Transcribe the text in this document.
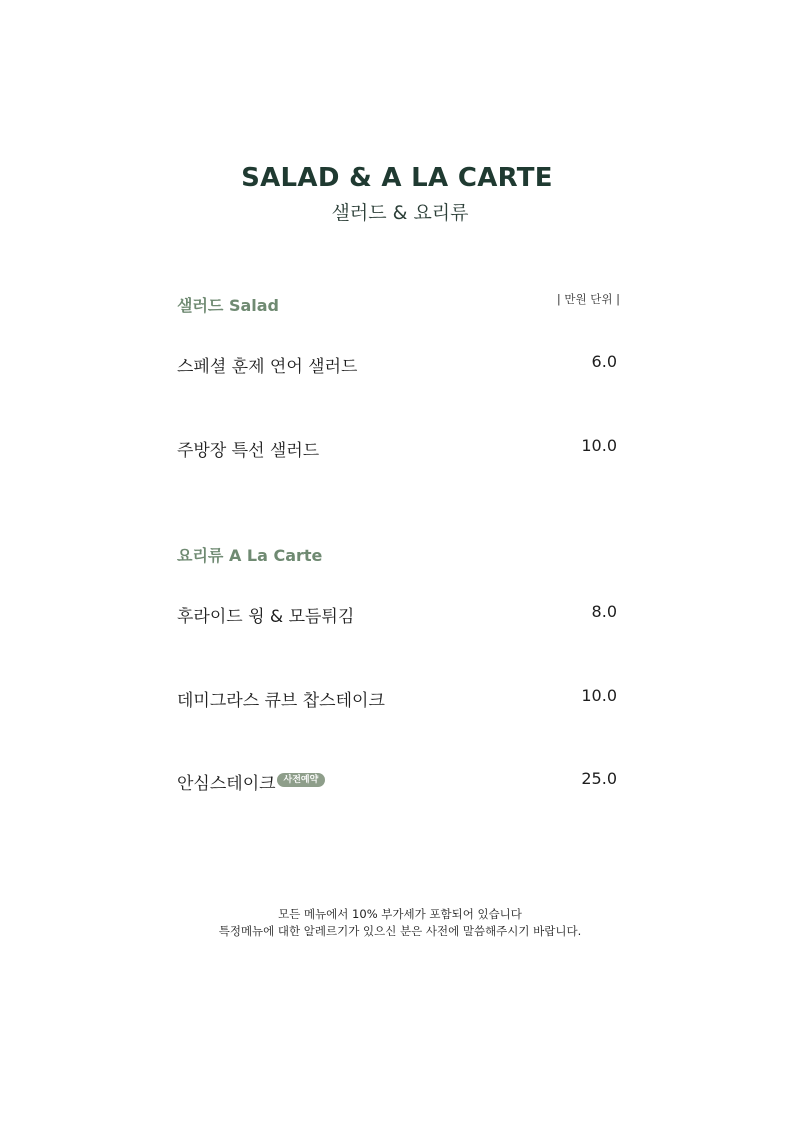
SALAD & A LA CARTE
샐러드 & 요리류
샐러드 Salad	| 만원 단위 |
스페셜 훈제 연어 샐러드	6.0
주방장 특선 샐러드	10.0
요리류 A La Carte
후라이드 윙 & 모듬튀김	8.0
데미그라스 큐브 찹스테이크	10.0
안심스테이크 사전예약	25.0
모든 메뉴에서 10% 부가세가 포함되어 있습니다
특정메뉴에 대한 알레르기가 있으신 분은 사전에 말씀해주시기 바랍니다.
